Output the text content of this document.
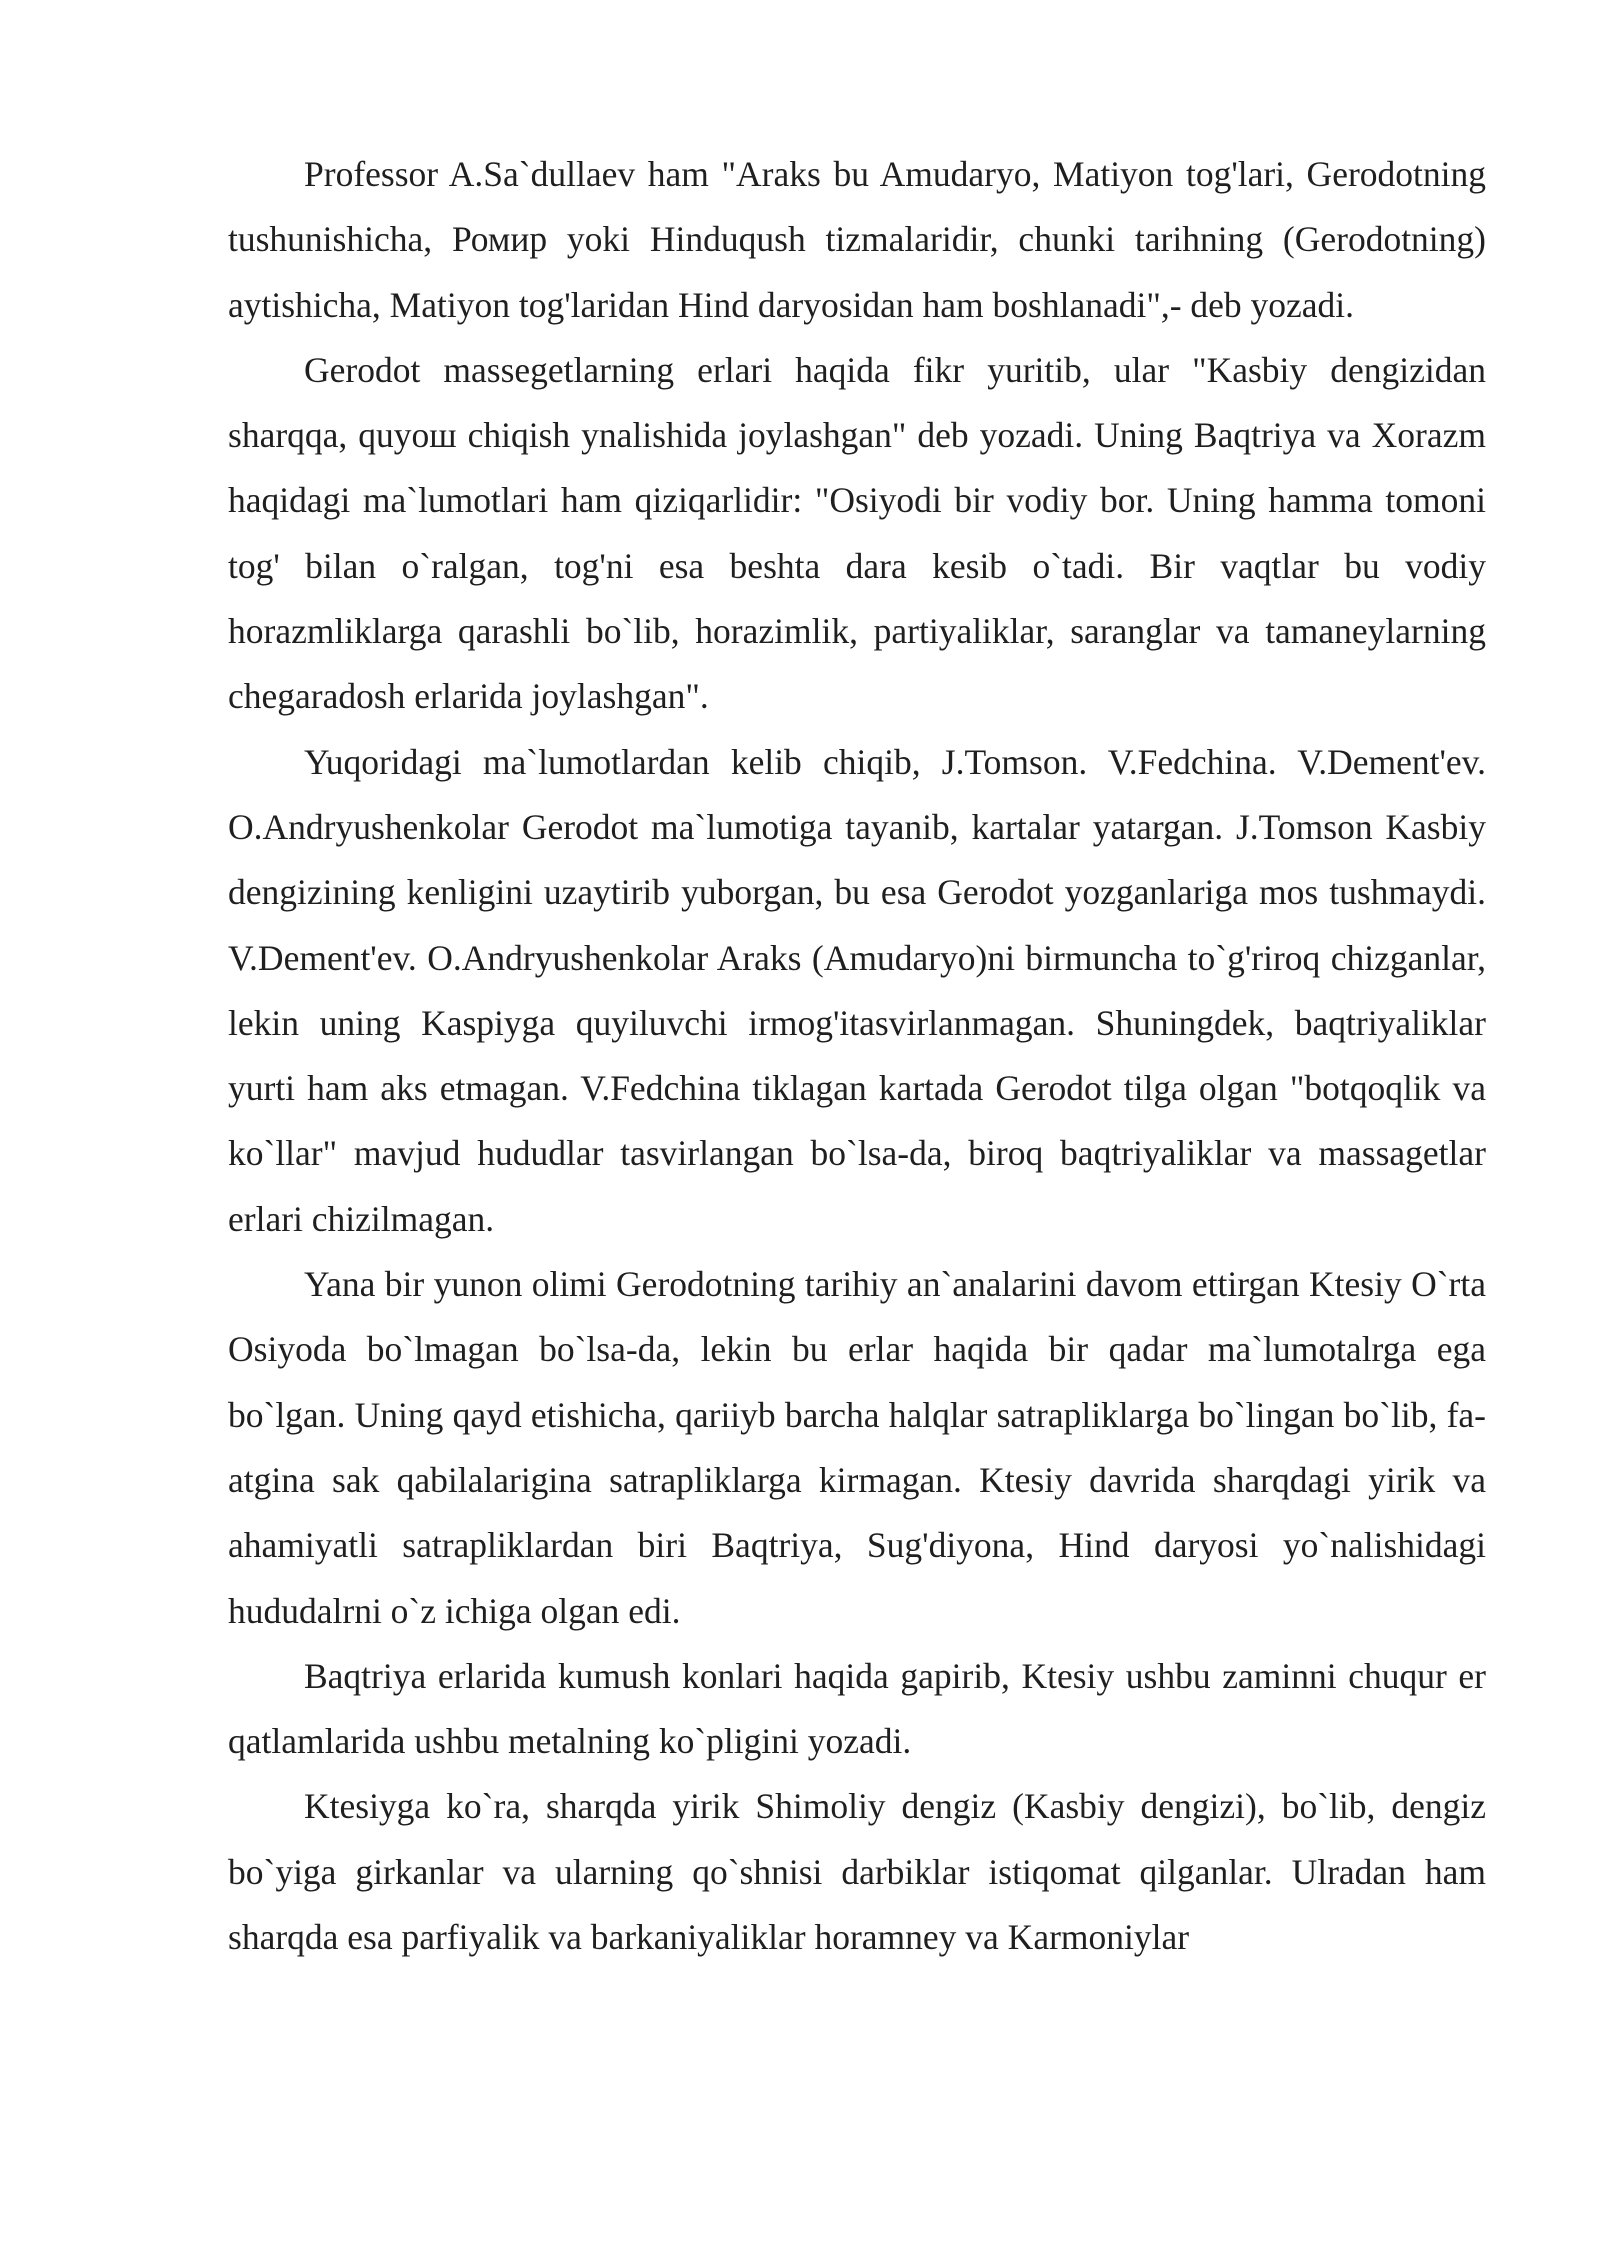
Professor A.Sa`dullaev ham "Araks bu Amudaryo, Matiyon tog'lari, Gerodotning tushunishicha, Ромир yoki Hinduqush tizmalaridir, chunki tarihning (Gerodotning) aytishicha, Matiyon tog'laridan Hind daryosidan ham boshlanadi",- deb yozadi.

Gerodot massegetlarning erlari haqida fikr yuritib, ular "Kasbiy dengizidan sharqqa, quyoш chiqish ynalishida joylashgan" deb yozadi. Uning Baqtriya va Xorazm haqidagi ma`lumotlari ham qiziqarlidir: "Osiyodi bir vodiy bor. Uning hamma tomoni tog' bilan o`ralgan, tog'ni esa beshta dara kesib o`tadi. Bir vaqtlar bu vodiy horazmliklarga qarashli bo`lib, horazimlik, partiyaliklar, saranglar va tamaneylarning chegaradosh erlarida joylashgan".

Yuqoridagi ma`lumotlardan kelib chiqib, J.Tomson. V.Fedchina. V.Dement'ev. O.Andryushenkolar Gerodot ma`lumotiga tayanib, kartalar yatargan. J.Tomson Kasbiy dengizining kenligini uzaytirib yuborgan, bu esa Gerodot yozganlariga mos tushmaydi. V.Dement'ev. O.Andryushenkolar Araks (Amudaryo)ni birmuncha to`g'riroq chizganlar, lekin uning Kaspiyga quyiluvchi irmog'itasvirlanmagan. Shuningdek, baqtriyaliklar yurti ham aks etmagan. V.Fedchina tiklagan kartada Gerodot tilga olgan "botqoqlik va ko`llar" mavjud hududlar tasvirlangan bo`lsa-da, biroq baqtriyaliklar va massagetlar erlari chizilmagan.

Yana bir yunon olimi Gerodotning tarihiy an`analarini davom ettirgan Ktesiy O`rta Osiyoda bo`lmagan bo`lsa-da, lekin bu erlar haqida bir qadar ma`lumotalrga ega bo`lgan. Uning qayd etishicha, qariiyb barcha halqlar satrapliklarga bo`lingan bo`lib, fa-atgina sak qabilalarigina satrapliklarga kirmagan. Ktesiy davrida sharqdagi yirik va ahamiyatli satrapliklardan biri Baqtriya, Sug'diyona, Hind daryosi yo`nalishidagi hududalrni o`z ichiga olgan edi.

Baqtriya erlarida kumush konlari haqida gapirib, Ktesiy ushbu zaminni chuqur er qatlamlarida ushbu metalning ko`pligini yozadi.

Ktesiyga ko`ra, sharqda yirik Shimoliy dengiz (Kasbiy dengizi), bo`lib, dengiz bo`yiga girkanlar va ularning qo`shnisi darbiklar istiqomat qilganlar. Ulradan ham sharqda esa parfiyalik va barkaniyaliklar horamney va Karmoniylar
